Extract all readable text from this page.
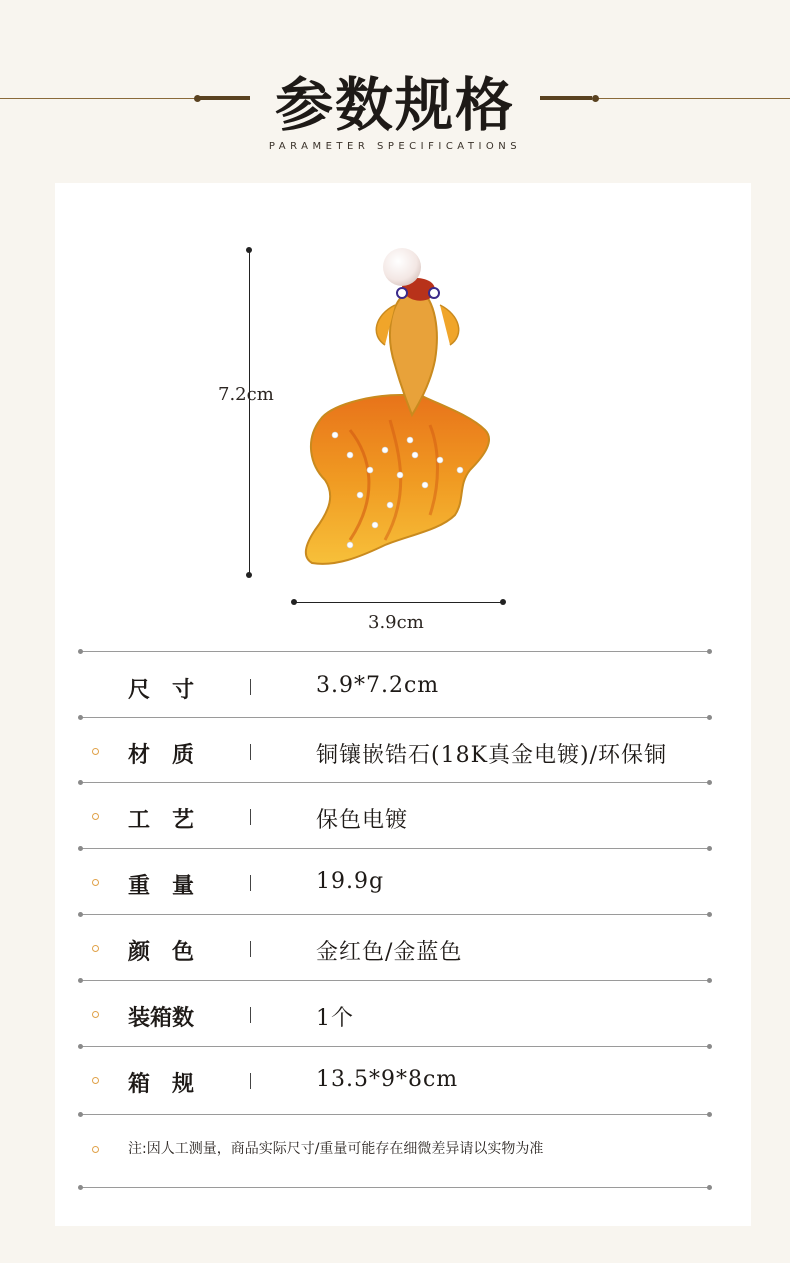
参数规格
PARAMETER SPECIFICATIONS
7.2cm
3.9cm
尺　寸	3.9*7.2cm
材　质	铜镶嵌锆石(18K真金电镀)/环保铜
工　艺	保色电镀
重　量	19.9g
颜　色	金红色/金蓝色
装箱数	1个
箱　规	13.5*9*8cm
注:因人工测量，商品实际尺寸/重量可能存在细微差异请以实物为准
